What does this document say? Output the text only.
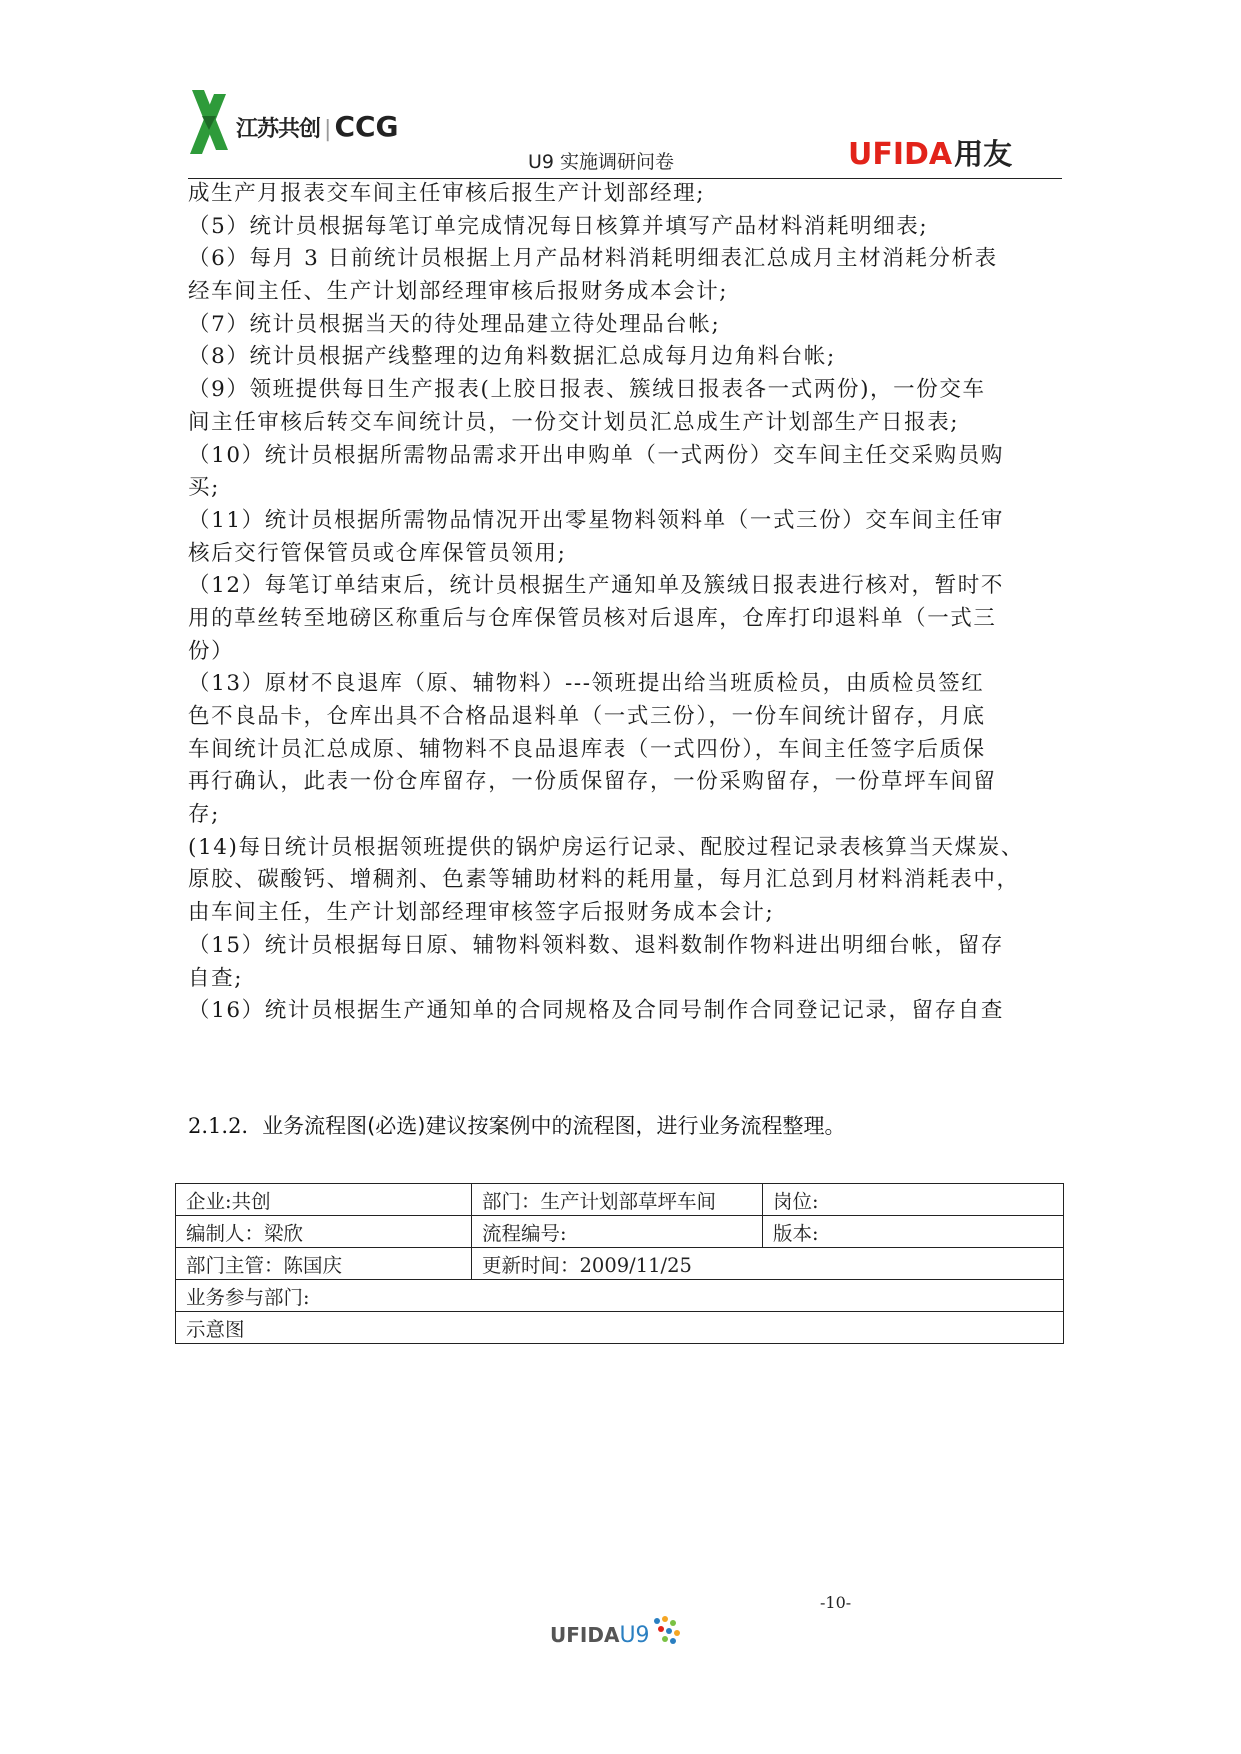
江苏共创 | CCG
U9 实施调研问卷	UFIDA用友
成生产月报表交车间主任审核后报生产计划部经理;
（5）统计员根据每笔订单完成情况每日核算并填写产品材料消耗明细表;
（6）每月 3 日前统计员根据上月产品材料消耗明细表汇总成月主材消耗分析表
经车间主任、生产计划部经理审核后报财务成本会计;
（7）统计员根据当天的待处理品建立待处理品台帐;
（8）统计员根据产线整理的边角料数据汇总成每月边角料台帐;
（9）领班提供每日生产报表(上胶日报表、簇绒日报表各一式两份)，一份交车
间主任审核后转交车间统计员，一份交计划员汇总成生产计划部生产日报表;
（10）统计员根据所需物品需求开出申购单（一式两份）交车间主任交采购员购
买;
（11）统计员根据所需物品情况开出零星物料领料单（一式三份）交车间主任审
核后交行管保管员或仓库保管员领用;
（12）每笔订单结束后，统计员根据生产通知单及簇绒日报表进行核对，暂时不
用的草丝转至地磅区称重后与仓库保管员核对后退库，仓库打印退料单（一式三
份）
（13）原材不良退库（原、辅物料）---领班提出给当班质检员，由质检员签红
色不良品卡，仓库出具不合格品退料单（一式三份），一份车间统计留存，月底
车间统计员汇总成原、辅物料不良品退库表（一式四份），车间主任签字后质保
再行确认，此表一份仓库留存，一份质保留存，一份采购留存，一份草坪车间留
存;
(14)每日统计员根据领班提供的锅炉房运行记录、配胶过程记录表核算当天煤炭、
原胶、碳酸钙、增稠剂、色素等辅助材料的耗用量，每月汇总到月材料消耗表中，
由车间主任，生产计划部经理审核签字后报财务成本会计;
（15）统计员根据每日原、辅物料领料数、退料数制作物料进出明细台帐，留存
自查;
（16）统计员根据生产通知单的合同规格及合同号制作合同登记记录，留存自查
2.1.2. 业务流程图(必选)建议按案例中的流程图，进行业务流程整理。
企业:共创	部门：生产计划部草坪车间	岗位:
编制人：梁欣	流程编号:	版本:
部门主管：陈国庆	更新时间：2009/11/25	
业务参与部门:		
示意图		
-10-
UFIDAU9
